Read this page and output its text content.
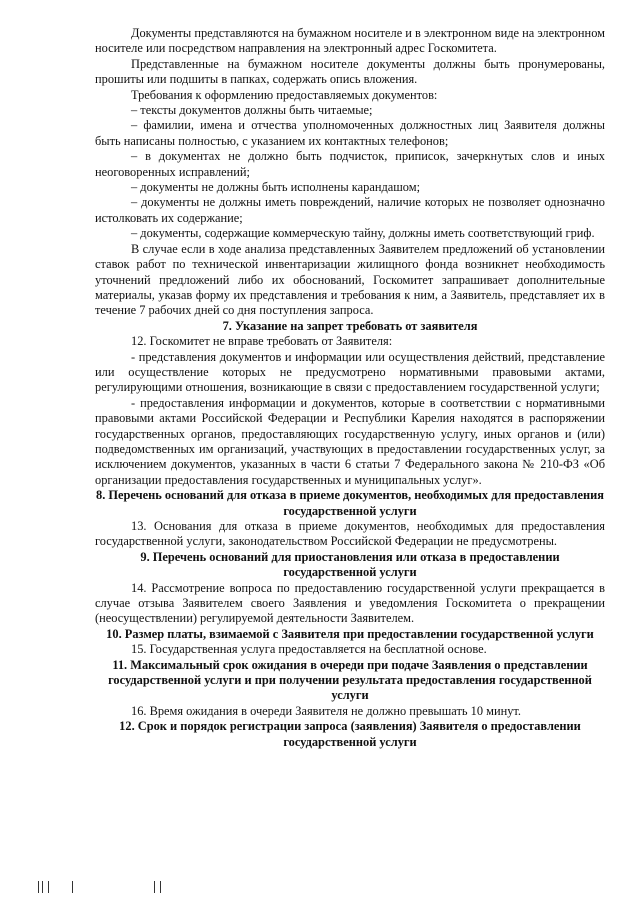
Документы представляются на бумажном носителе и в электронном виде на электронном носителе или посредством направления на электронный адрес Госкомитета.

Представленные на бумажном носителе документы должны быть пронумерованы, прошиты или подшиты в папках, содержать опись вложения.

Требования к оформлению предоставляемых документов:

– тексты документов должны быть читаемые;

– фамилии, имена и отчества уполномоченных должностных лиц Заявителя должны быть написаны полностью, с указанием их контактных телефонов;

– в документах не должно быть подчисток, приписок, зачеркнутых слов и иных неоговоренных исправлений;

– документы не должны быть исполнены карандашом;

– документы не должны иметь повреждений, наличие которых не позволяет однозначно истолковать их содержание;

– документы, содержащие коммерческую тайну, должны иметь соответствующий гриф.

В случае если в ходе анализа представленных Заявителем предложений об установлении ставок работ по технической инвентаризации жилищного фонда возникнет необходимость уточнений предложений либо их обоснований, Госкомитет запрашивает дополнительные материалы, указав форму их представления и требования к ним, а Заявитель, представляет их в течение 7 рабочих дней со дня поступления запроса.

7. Указание на запрет требовать от заявителя

12. Госкомитет не вправе требовать от Заявителя:

- представления документов и информации или осуществления действий, представление или осуществление которых не предусмотрено нормативными правовыми актами, регулирующими отношения, возникающие в связи с предоставлением государственной услуги;

- предоставления информации и документов, которые в соответствии с нормативными правовыми актами Российской Федерации и Республики Карелия находятся в распоряжении государственных органов, предоставляющих государственную услугу, иных органов и (или) подведомственных им организаций, участвующих в предоставлении государственных услуг, за исключением документов, указанных в части 6 статьи 7 Федерального закона № 210-ФЗ «Об организации предоставления государственных и муниципальных услуг».

8. Перечень оснований для отказа в приеме документов, необходимых для предоставления государственной услуги

13. Основания для отказа в приеме документов, необходимых для предоставления государственной услуги, законодательством Российской Федерации не предусмотрены.

9. Перечень оснований для приостановления или отказа в предоставлении государственной услуги

14. Рассмотрение вопроса по предоставлению государственной услуги прекращается в случае отзыва Заявителем своего Заявления и уведомления Госкомитета о прекращении (неосуществлении) регулируемой деятельности Заявителем.

10. Размер платы, взимаемой с Заявителя при предоставлении государственной услуги

15. Государственная услуга предоставляется на бесплатной основе.

11. Максимальный срок ожидания в очереди при подаче Заявления о представлении государственной услуги и при получении результата предоставления государственной услуги

16. Время ожидания в очереди Заявителя не должно превышать 10 минут.

12. Срок и порядок регистрации запроса (заявления) Заявителя о предоставлении государственной услуги
